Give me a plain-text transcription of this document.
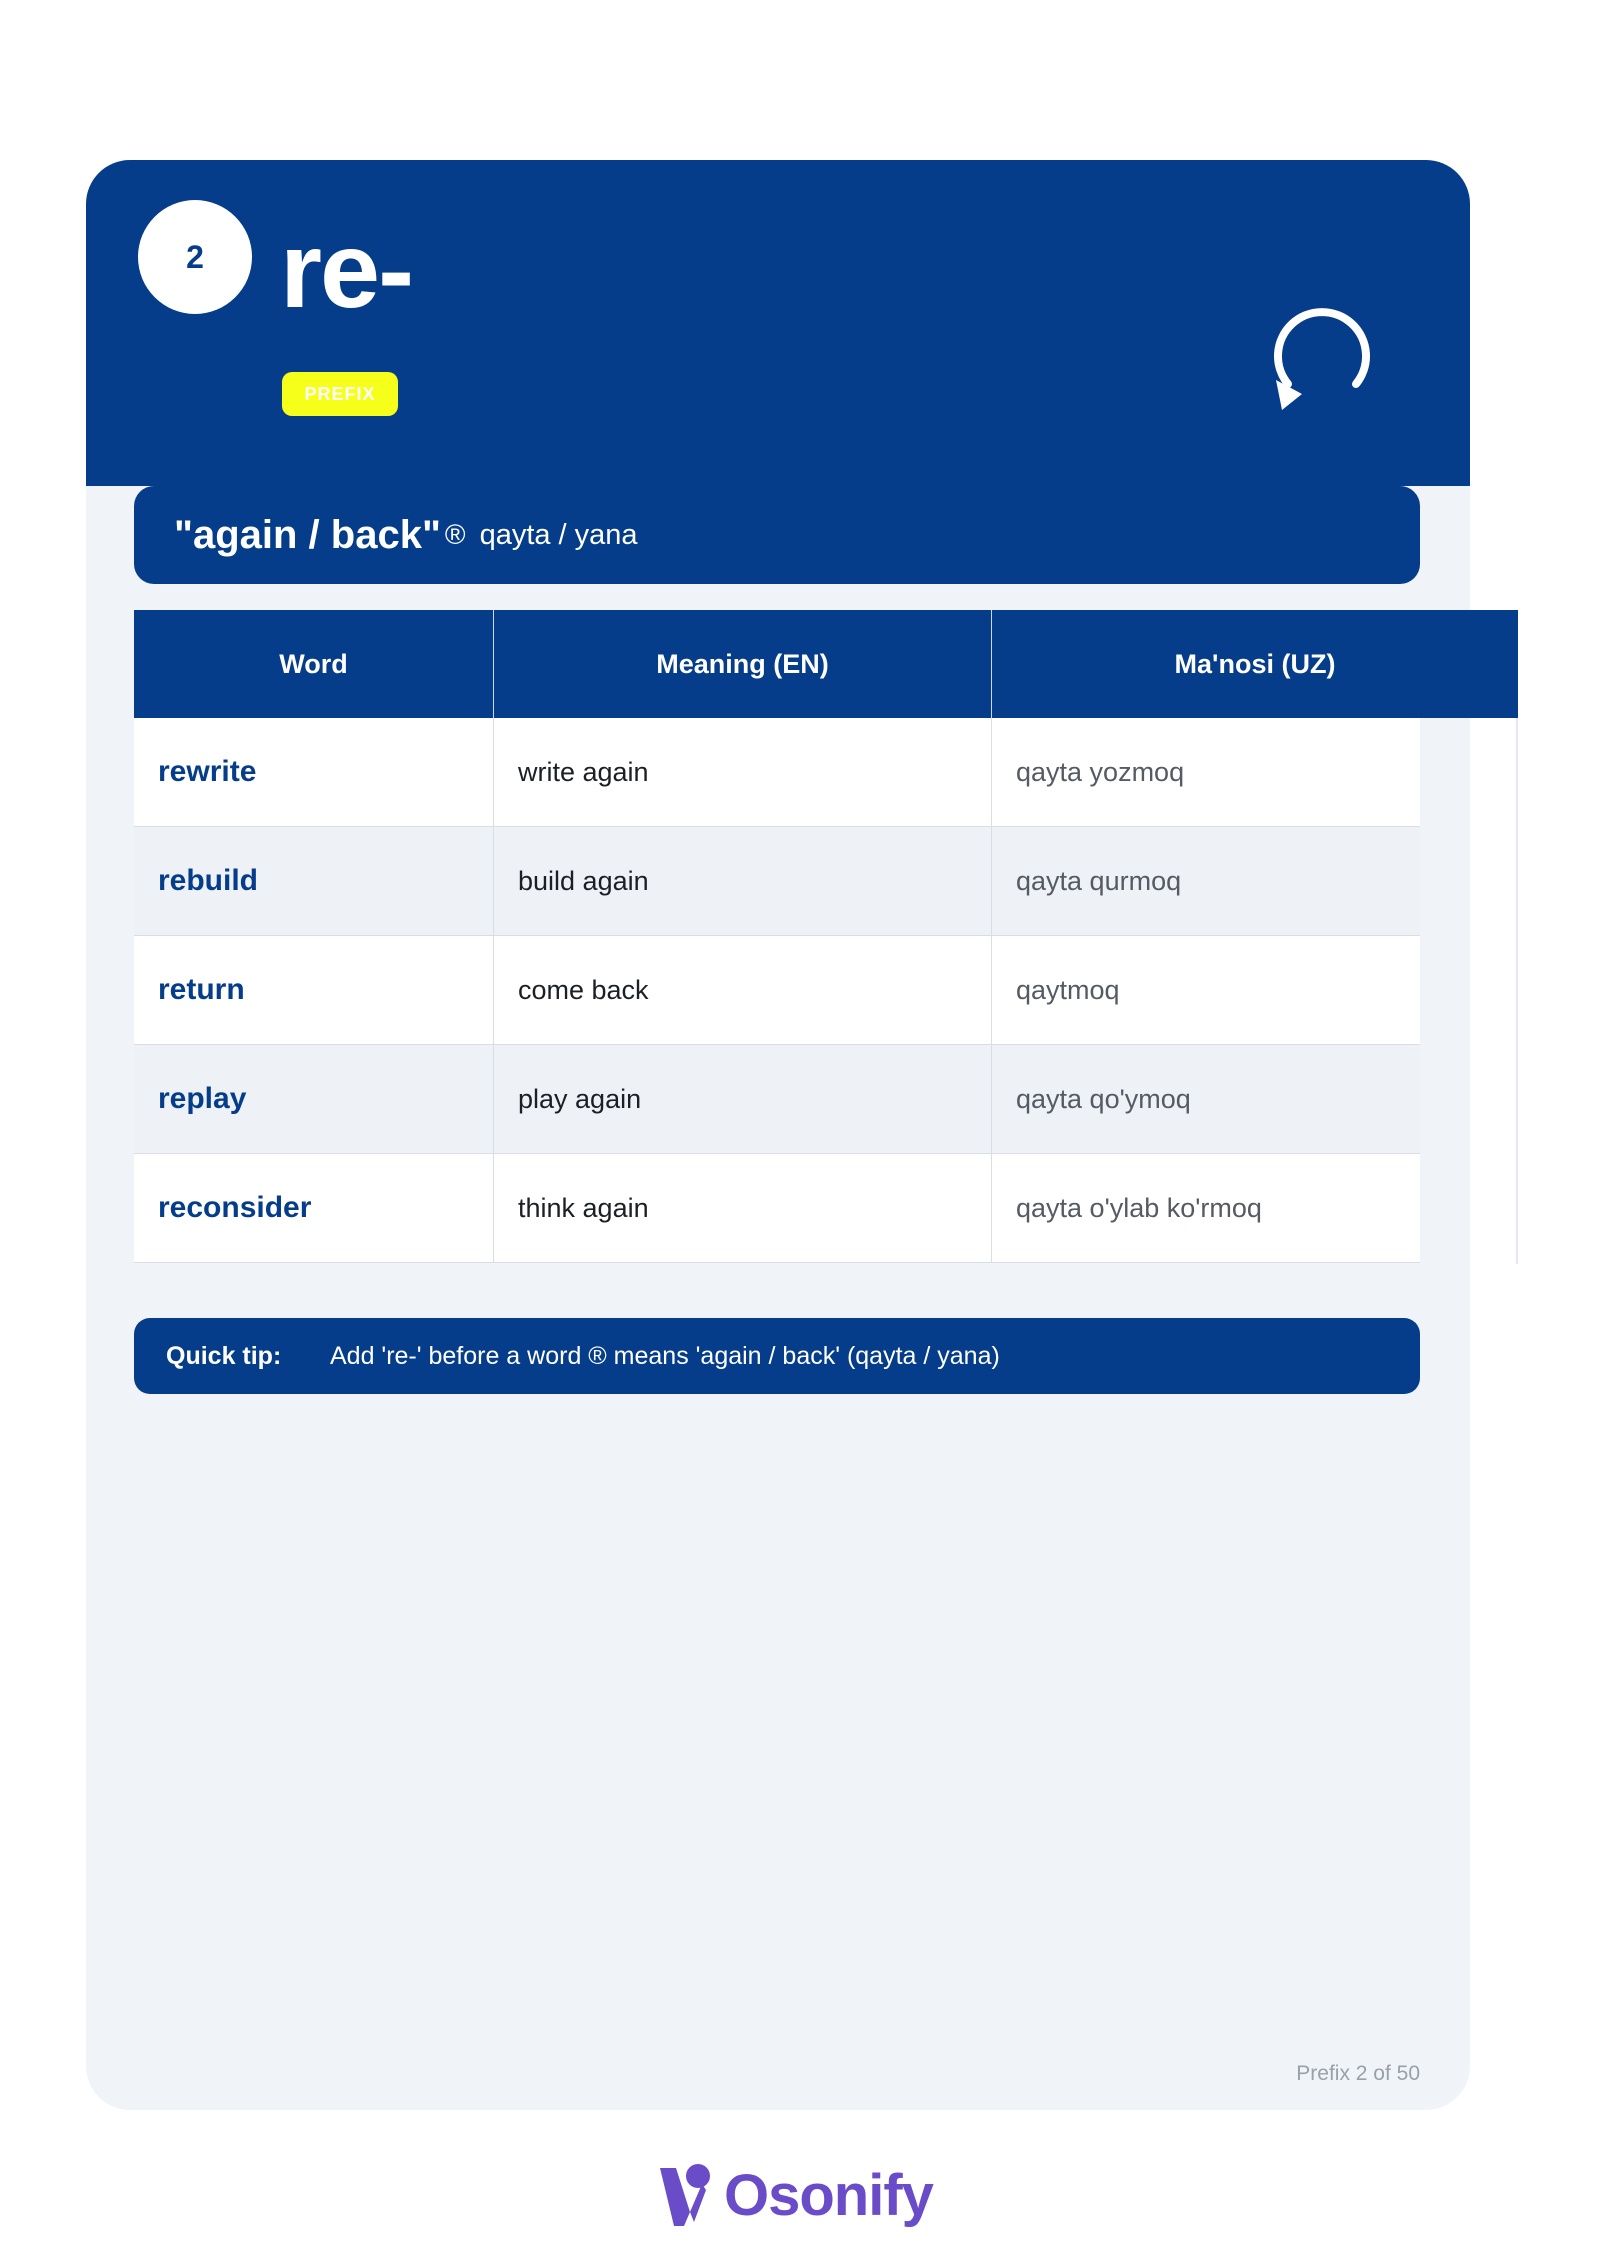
2 re-
PREFIX
"again / back" ® qayta / yana
Word	Meaning (EN)	Ma'nosi (UZ)
rewrite	write again	qayta yozmoq
rebuild	build again	qayta qurmoq
return	come back	qaytmoq
replay	play again	qayta qo'ymoq
reconsider	think again	qayta o'ylab ko'rmoq
Quick tip:	Add 're-' before a word ® means 'again / back' (qayta / yana)
Prefix 2 of 50
Osonify
